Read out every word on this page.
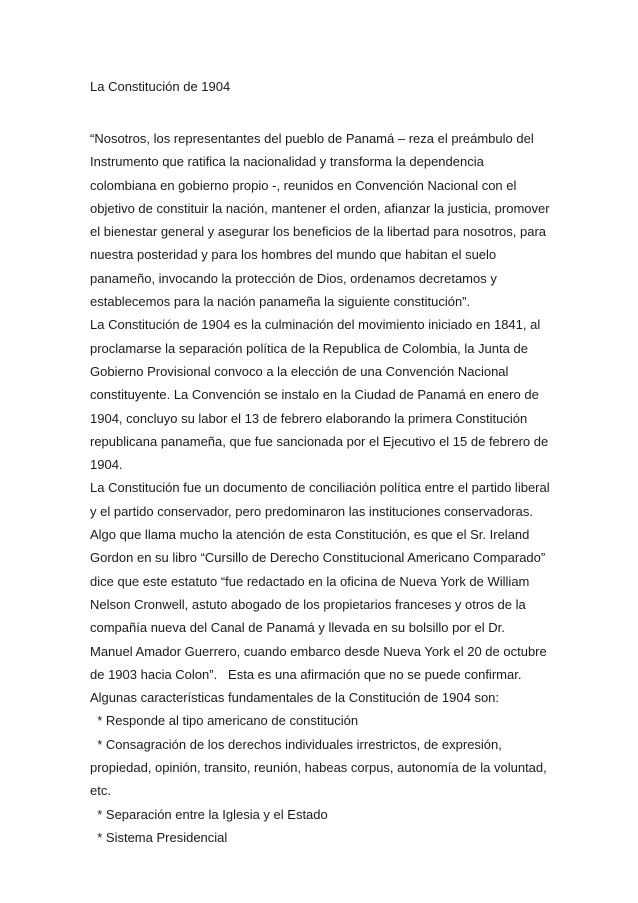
La Constitución de 1904
“Nosotros, los representantes del pueblo de Panamá – reza el preámbulo del
Instrumento que ratifica la nacionalidad y transforma la dependencia
colombiana en gobierno propio -, reunidos en Convención Nacional con el
objetivo de constituir la nación, mantener el orden, afianzar la justicia, promover
el bienestar general y asegurar los beneficios de la libertad para nosotros, para
nuestra posteridad y para los hombres del mundo que habitan el suelo
panameño, invocando la protección de Dios, ordenamos decretamos y
establecemos para la nación panameña la siguiente constitución”.
La Constitución de 1904 es la culminación del movimiento iniciado en 1841, al
proclamarse la separación política de la Republica de Colombia, la Junta de
Gobierno Provisional convoco a la elección de una Convención Nacional
constituyente. La Convención se instalo en la Ciudad de Panamá en enero de
1904, concluyo su labor el 13 de febrero elaborando la primera Constitución
republicana panameña, que fue sancionada por el Ejecutivo el 15 de febrero de
1904.
La Constitución fue un documento de conciliación política entre el partido liberal
y el partido conservador, pero predominaron las instituciones conservadoras.
Algo que llama mucho la atención de esta Constitución, es que el Sr. Ireland
Gordon en su libro “Cursillo de Derecho Constitucional Americano Comparado”
dice que este estatuto “fue redactado en la oficina de Nueva York de William
Nelson Cronwell, astuto abogado de los propietarios franceses y otros de la
compañía nueva del Canal de Panamá y llevada en su bolsillo por el Dr.
Manuel Amador Guerrero, cuando embarco desde Nueva York el 20 de octubre
de 1903 hacia Colon”.   Esta es una afirmación que no se puede confirmar.
Algunas características fundamentales de la Constitución de 1904 son:
* Responde al tipo americano de constitución
* Consagración de los derechos individuales irrestrictos, de expresión,
propiedad, opinión, transito, reunión, habeas corpus, autonomía de la voluntad,
etc.
* Separación entre la Iglesia y el Estado
* Sistema Presidencial
